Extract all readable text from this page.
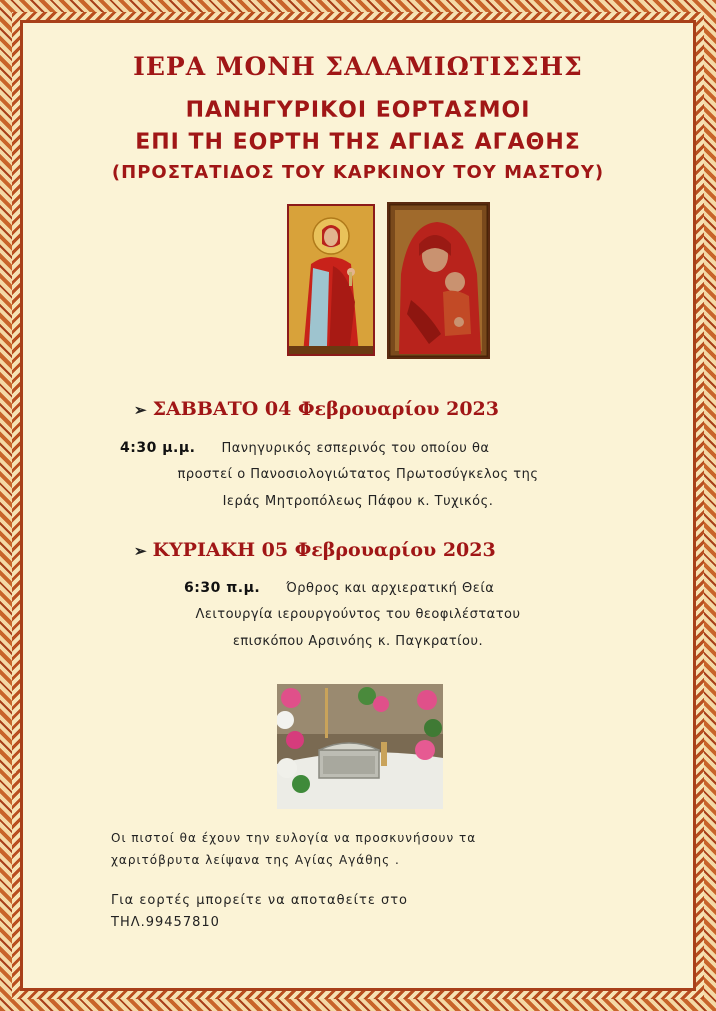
ΙΕΡΑ ΜΟΝΗ ΣΑΛΑΜΙΩΤΙΣΣΗΣ
ΠΑΝΗΓΥΡΙΚΟΙ ΕΟΡΤΑΣΜΟΙ
ΕΠΙ ΤΗ ΕΟΡΤΗ ΤΗΣ ΑΓΙΑΣ ΑΓΑΘΗΣ
(ΠΡΟΣΤΑΤΙΔΟΣ ΤΟΥ ΚΑΡΚΙΝΟΥ ΤΟΥ ΜΑΣΤΟΥ)
➢ ΣΑΒΒΑΤΟ 04 Φεβρουαρίου 2023
4:30 μ.μ. Πανηγυρικός εσπερινός του οποίου θα
προστεί ο Πανοσιολογιώτατος Πρωτοσύγκελος της
Ιεράς Μητροπόλεως Πάφου κ. Τυχικός.
➢ ΚΥΡΙΑΚΗ 05 Φεβρουαρίου 2023
6:30 π.μ. Όρθρος και αρχιερατική Θεία
Λειτουργία ιερουργούντος του θεοφιλέστατου
επισκόπου Αρσινόης κ. Παγκρατίου.
Οι πιστοί θα έχουν την ευλογία να προσκυνήσουν τα
χαριτόβρυτα λείψανα της Αγίας Αγάθης .
Για εορτές μπορείτε να αποταθείτε στο
ΤΗΛ.99457810
